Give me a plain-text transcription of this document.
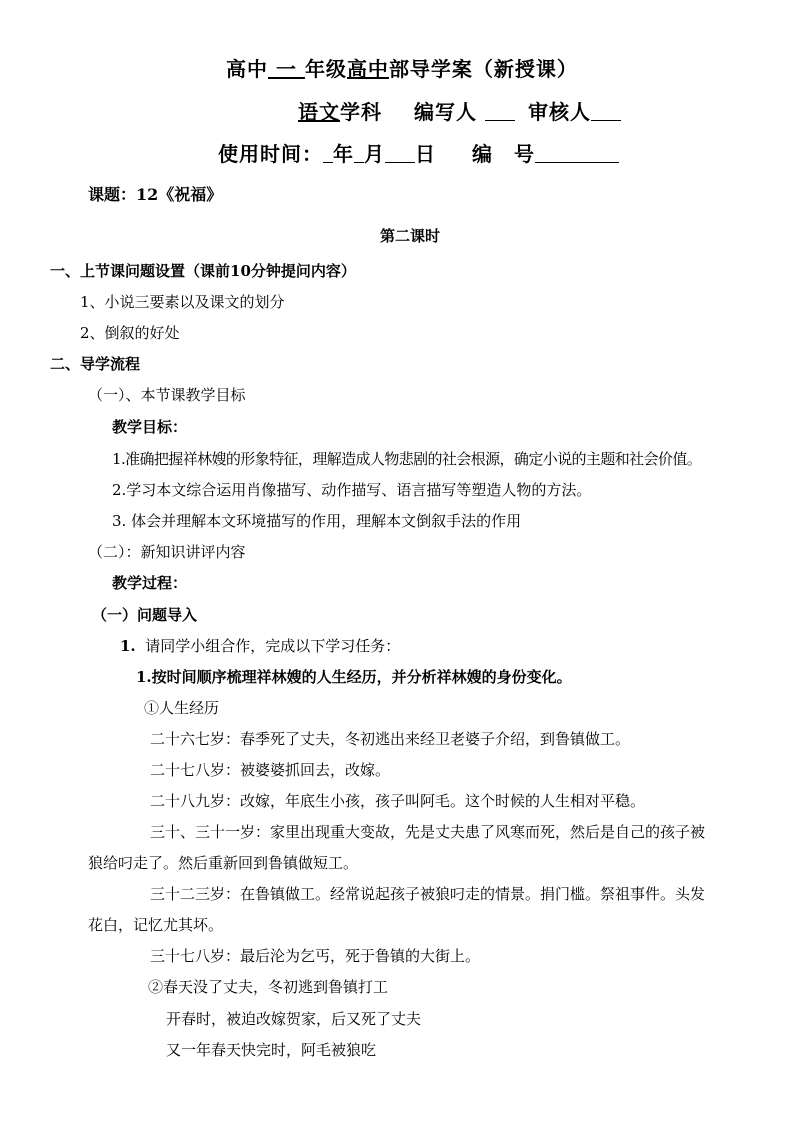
高中 一 年级高中部导学案（新授课）
语文学科 编写人	审核人
使用时间： 年 月 日 编　号
课题：12《祝福》
第二课时
一、上节课问题设置（课前10分钟提问内容）
1、小说三要素以及课文的划分
2、倒叙的好处
二、导学流程
（一）、本节课教学目标
教学目标：
1.准确把握祥林嫂的形象特征，理解造成人物悲剧的社会根源，确定小说的主题和社会价值。
2.学习本文综合运用肖像描写、动作描写、语言描写等塑造人物的方法。
3. 体会并理解本文环境描写的作用，理解本文倒叙手法的作用
（二）：新知识讲评内容
教学过程：
（一）问题导入
1. 请同学小组合作，完成以下学习任务：
1.按时间顺序梳理祥林嫂的人生经历，并分析祥林嫂的身份变化。
①人生经历
二十六七岁：春季死了丈夫，冬初逃出来经卫老婆子介绍，到鲁镇做工。
二十七八岁：被婆婆抓回去，改嫁。
二十八九岁：改嫁，年底生小孩，孩子叫阿毛。这个时候的人生相对平稳。
三十、三十一岁：家里出现重大变故，先是丈夫患了风寒而死，然后是自己的孩子被
狼给叼走了。然后重新回到鲁镇做短工。
三十二三岁：在鲁镇做工。经常说起孩子被狼叼走的情景。捐门槛。祭祖事件。头发
花白，记忆尤其坏。
三十七八岁：最后沦为乞丐，死于鲁镇的大街上。
②春天没了丈夫，冬初逃到鲁镇打工
开春时，被迫改嫁贺家，后又死了丈夫
又一年春天快完时，阿毛被狼吃
